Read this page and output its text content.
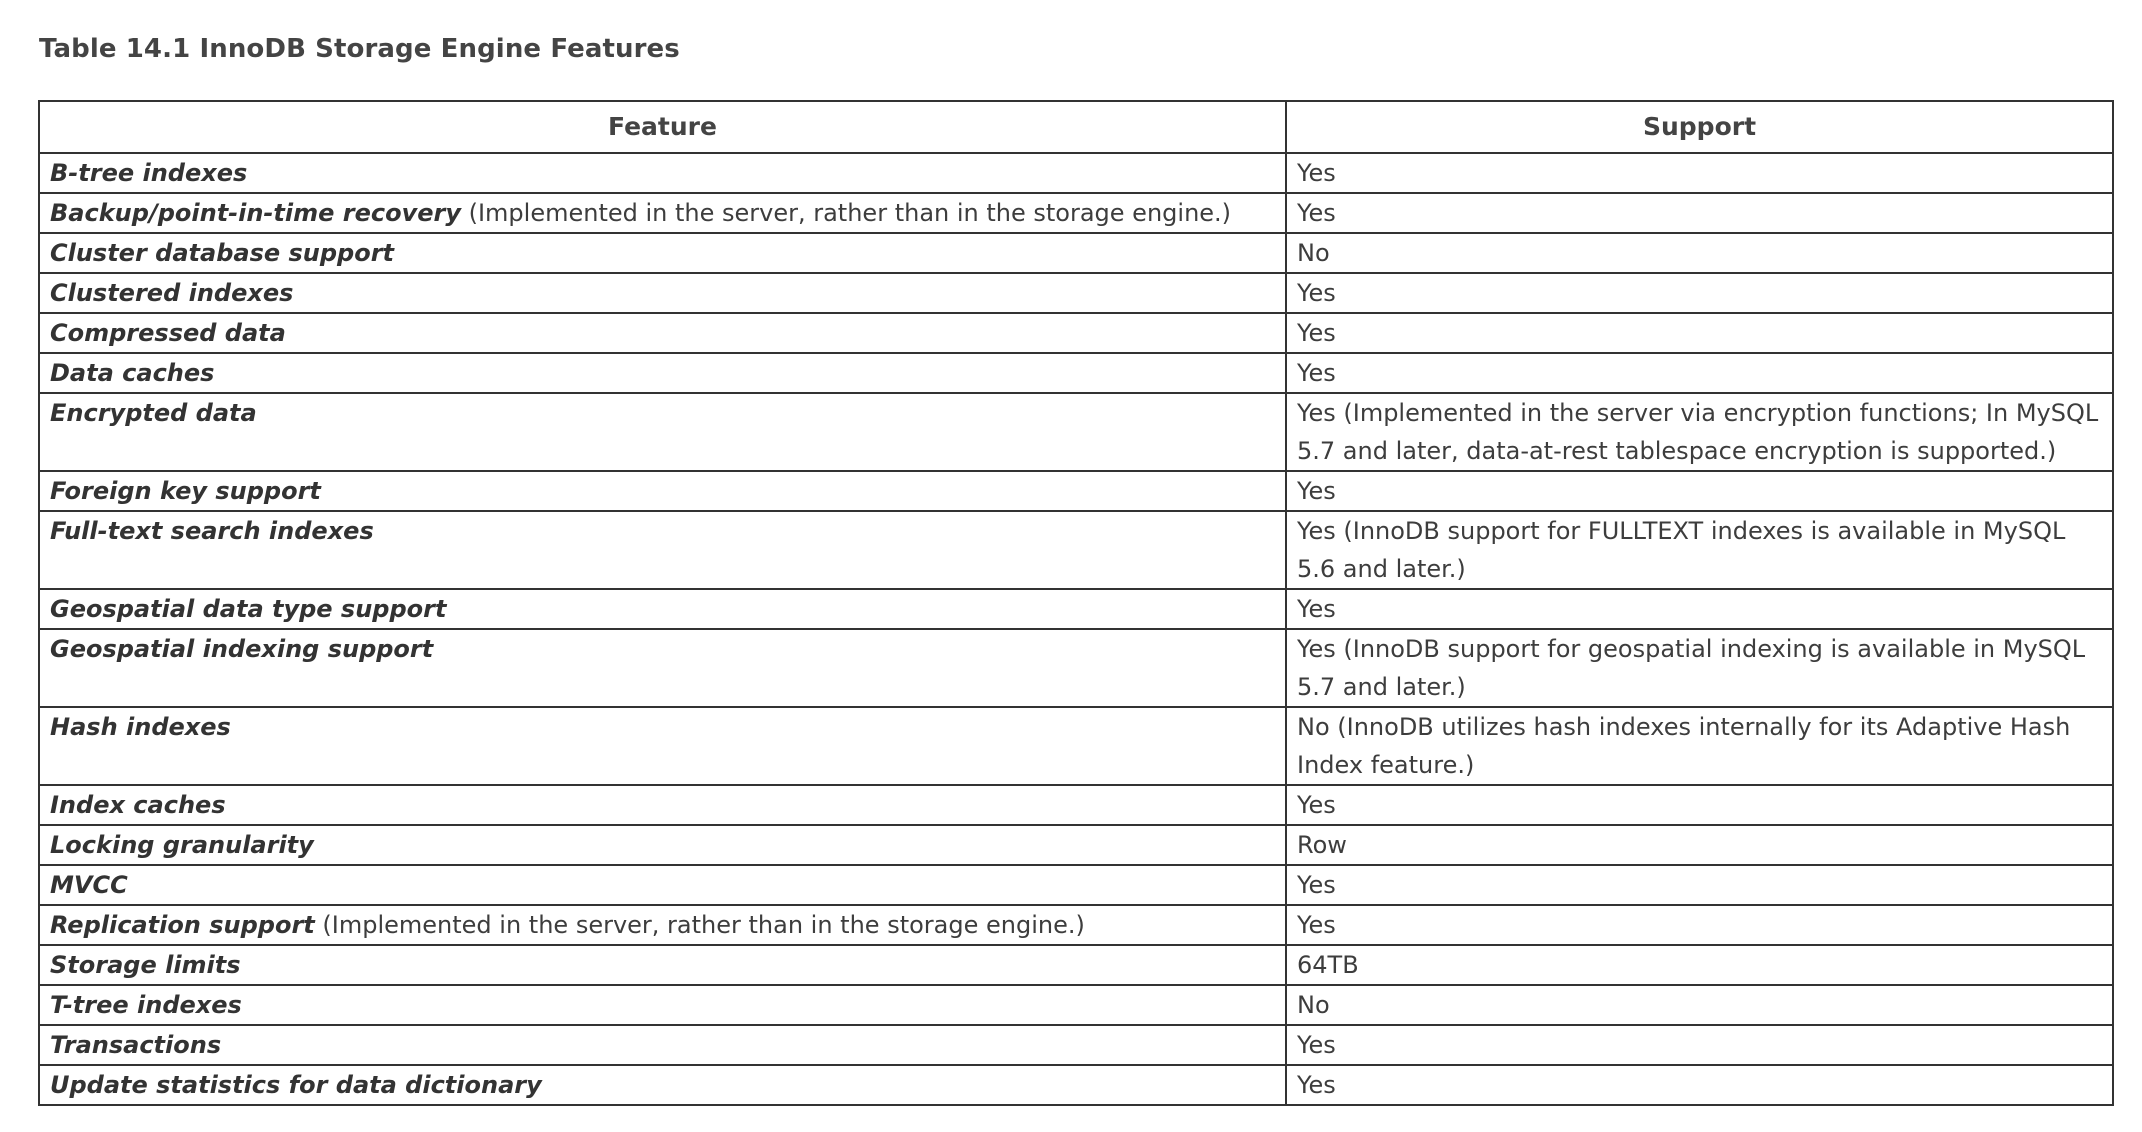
Table 14.1 InnoDB Storage Engine Features
Feature	Support
B-tree indexes	Yes
Backup/point-in-time recovery (Implemented in the server, rather than in the storage engine.)	Yes
Cluster database support	No
Clustered indexes	Yes
Compressed data	Yes
Data caches	Yes
Encrypted data	Yes (Implemented in the server via encryption functions; In MySQL 5.7 and later, data-at-rest tablespace encryption is supported.)
Foreign key support	Yes
Full-text search indexes	Yes (InnoDB support for FULLTEXT indexes is available in MySQL 5.6 and later.)
Geospatial data type support	Yes
Geospatial indexing support	Yes (InnoDB support for geospatial indexing is available in MySQL 5.7 and later.)
Hash indexes	No (InnoDB utilizes hash indexes internally for its Adaptive Hash Index feature.)
Index caches	Yes
Locking granularity	Row
MVCC	Yes
Replication support (Implemented in the server, rather than in the storage engine.)	Yes
Storage limits	64TB
T-tree indexes	No
Transactions	Yes
Update statistics for data dictionary	Yes
